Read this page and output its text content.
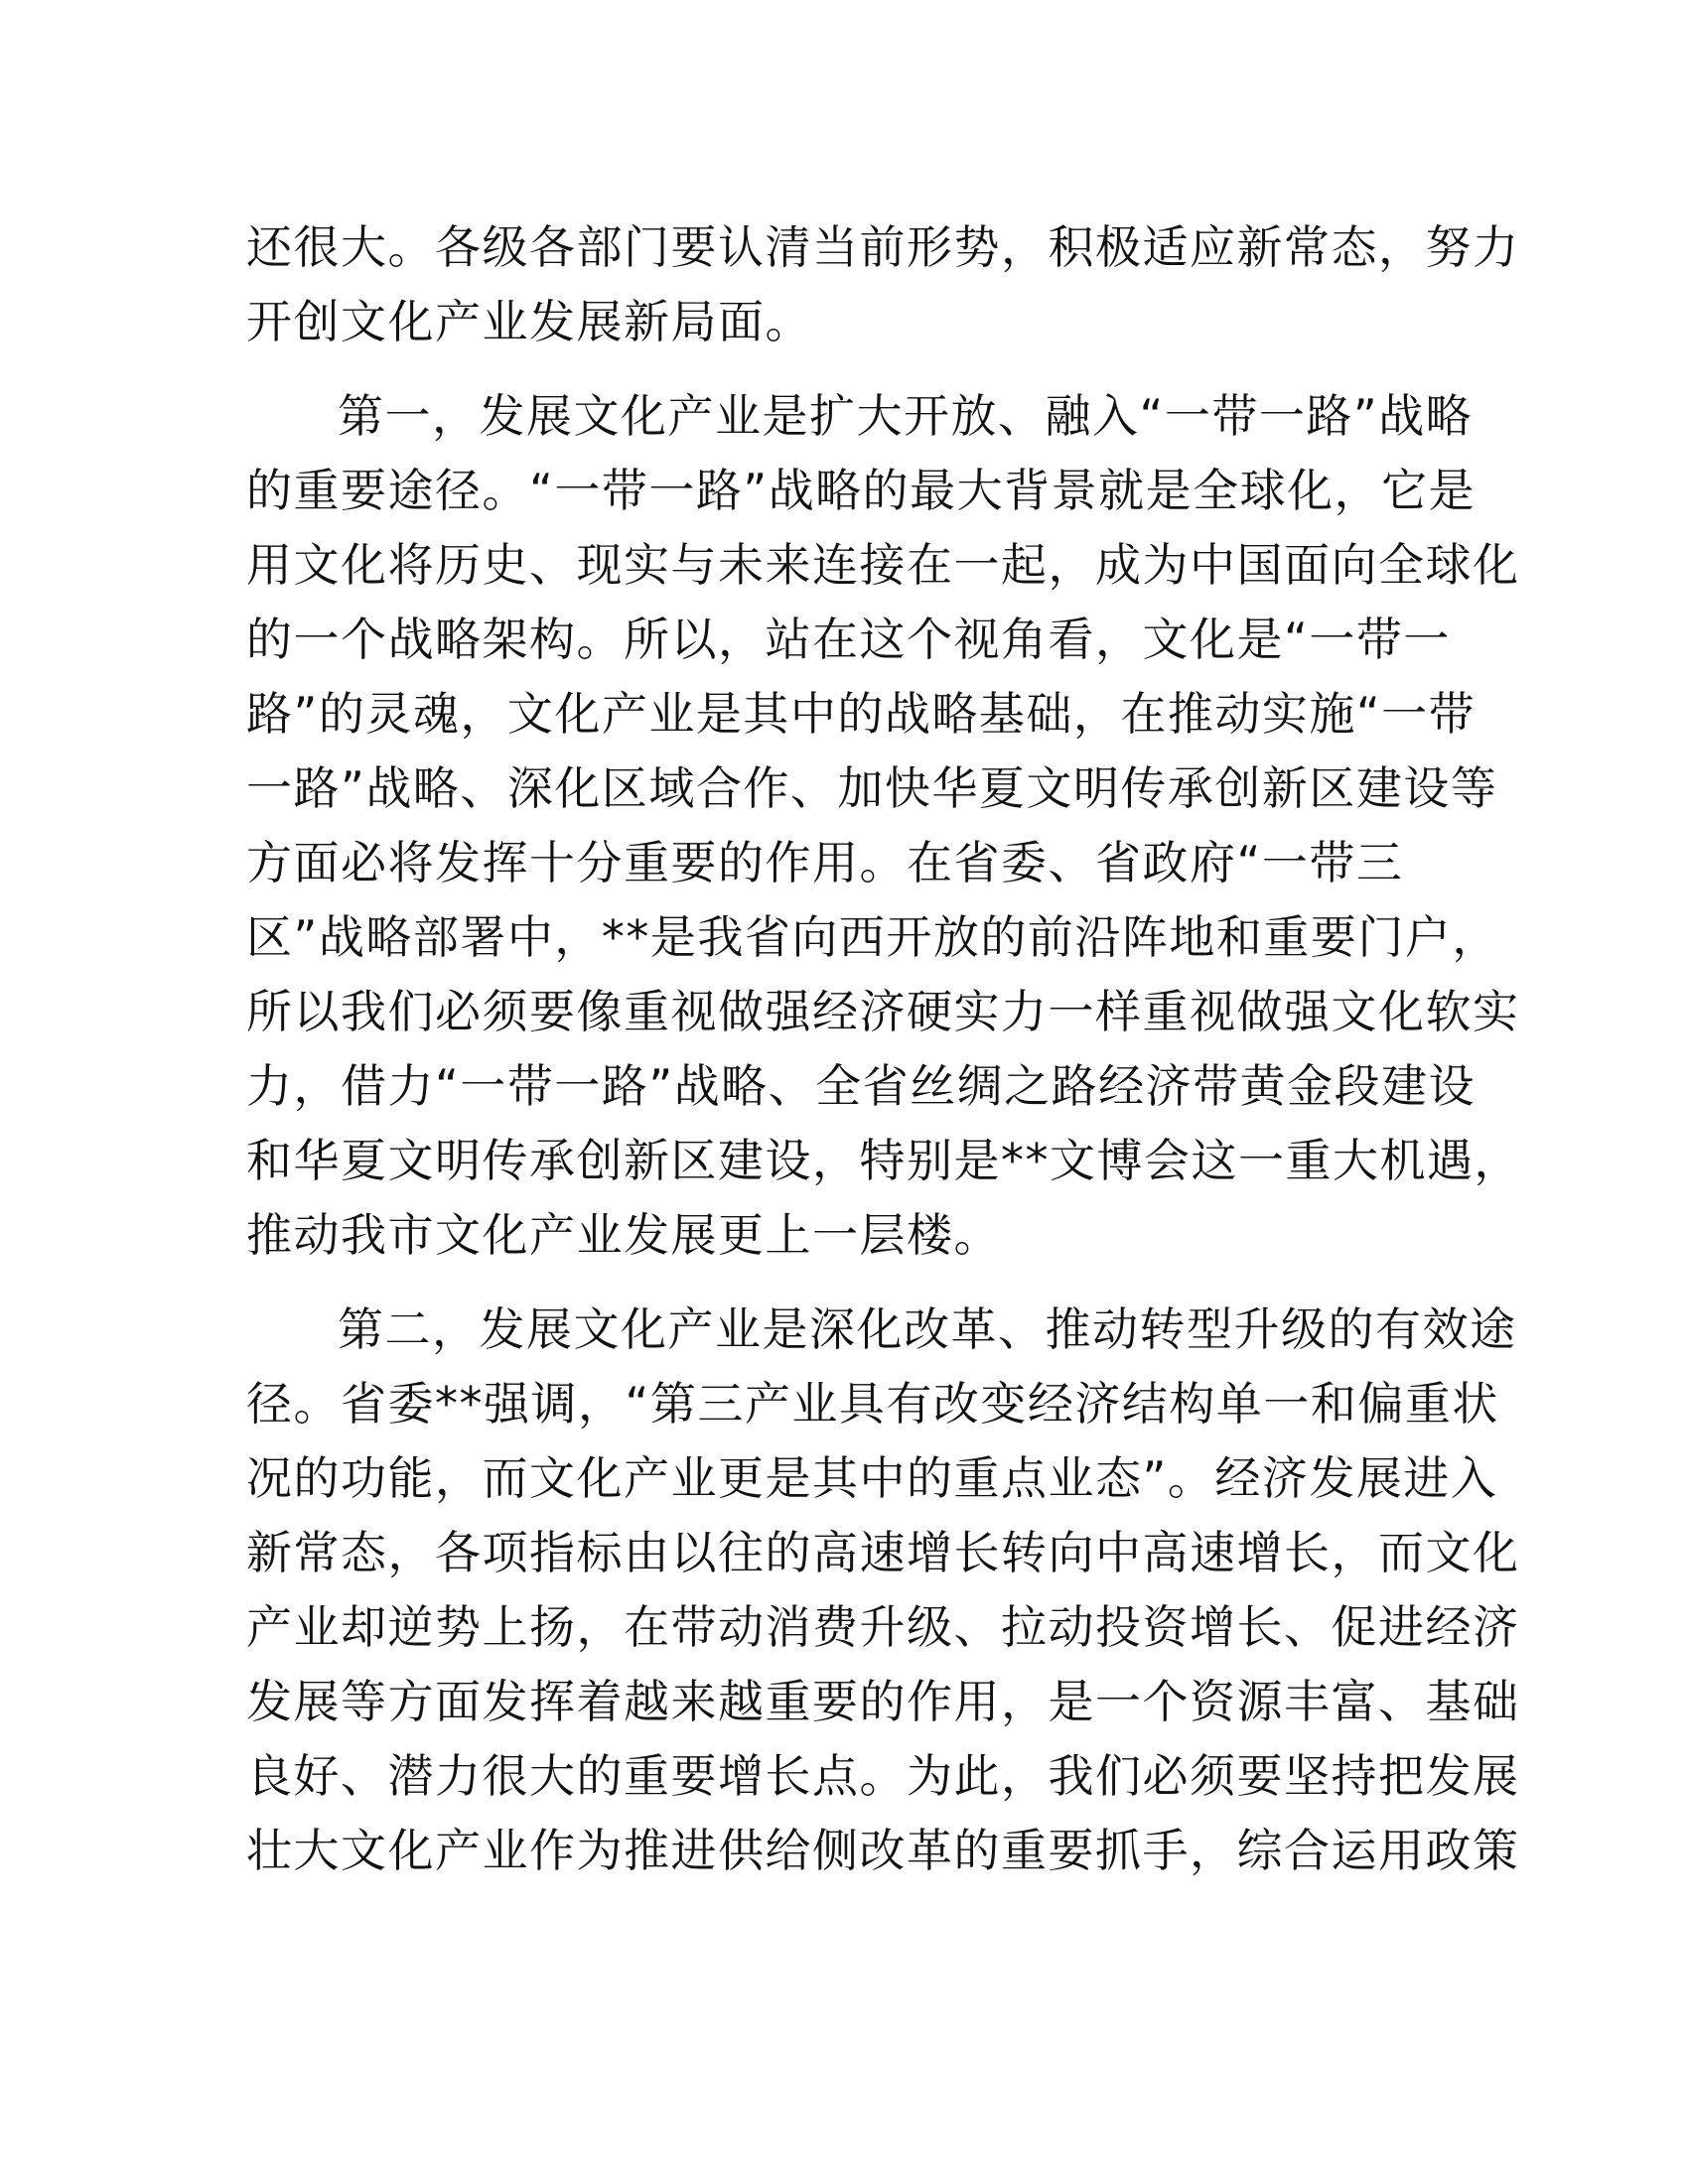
还很大。各级各部门要认清当前形势，积极适应新常态，努力
开创文化产业发展新局面。
第一，发展文化产业是扩大开放、融入“一带一路”战略
的重要途径。“一带一路”战略的最大背景就是全球化，它是
用文化将历史、现实与未来连接在一起，成为中国面向全球化
的一个战略架构。所以，站在这个视角看，文化是“一带一
路”的灵魂，文化产业是其中的战略基础，在推动实施“一带
一路”战略、深化区域合作、加快华夏文明传承创新区建设等
方面必将发挥十分重要的作用。在省委、省政府“一带三
区”战略部署中，**是我省向西开放的前沿阵地和重要门户，
所以我们必须要像重视做强经济硬实力一样重视做强文化软实
力，借力“一带一路”战略、全省丝绸之路经济带黄金段建设
和华夏文明传承创新区建设，特别是**文博会这一重大机遇，
推动我市文化产业发展更上一层楼。
第二，发展文化产业是深化改革、推动转型升级的有效途
径。省委**强调，“第三产业具有改变经济结构单一和偏重状
况的功能，而文化产业更是其中的重点业态”。经济发展进入
新常态，各项指标由以往的高速增长转向中高速增长，而文化
产业却逆势上扬，在带动消费升级、拉动投资增长、促进经济
发展等方面发挥着越来越重要的作用，是一个资源丰富、基础
良好、潜力很大的重要增长点。为此，我们必须要坚持把发展
壮大文化产业作为推进供给侧改革的重要抓手，综合运用政策
